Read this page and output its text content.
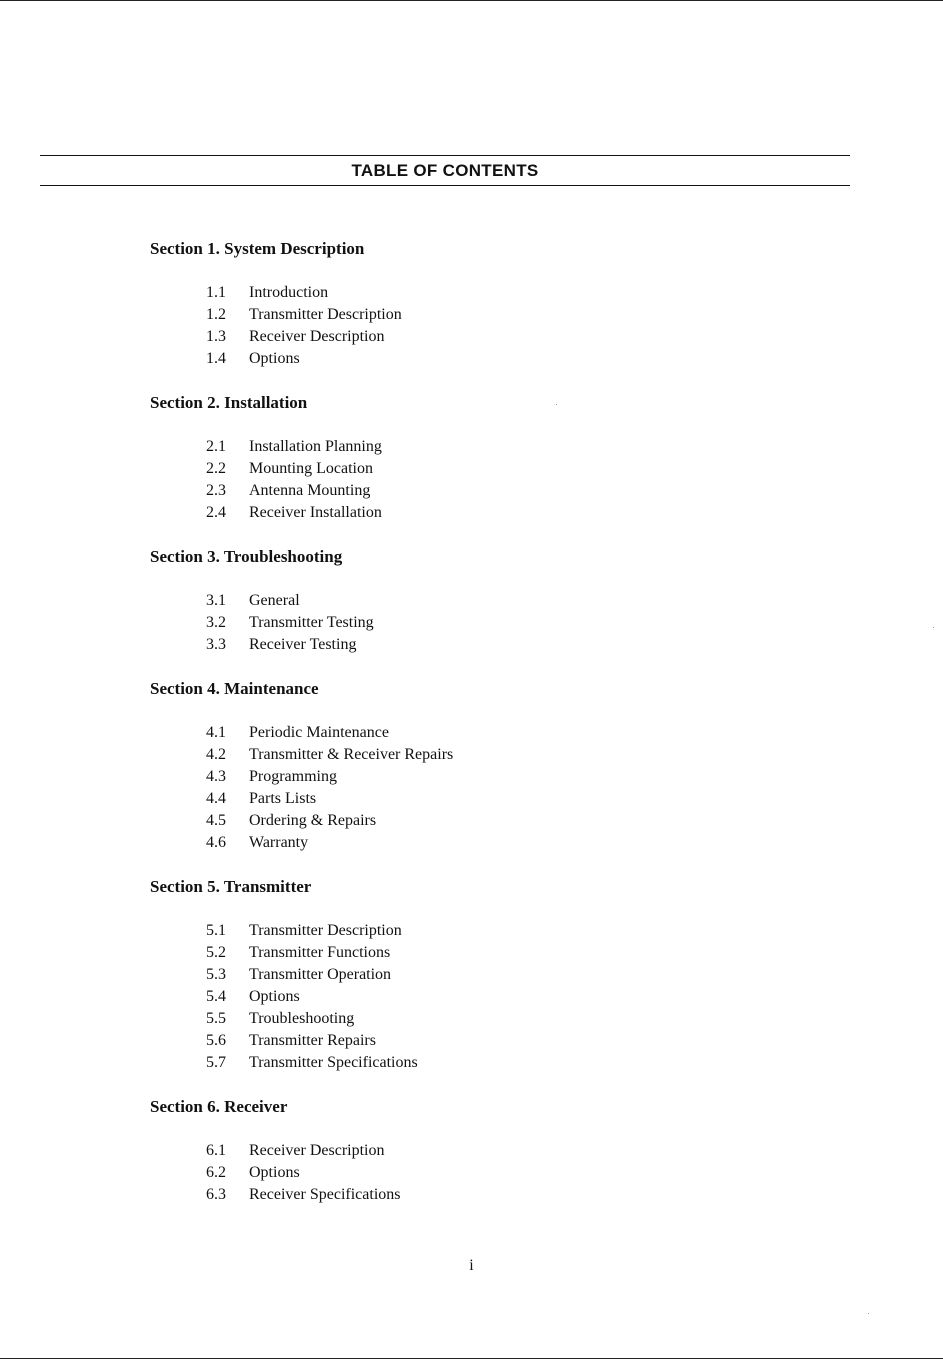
TABLE OF CONTENTS
Section 1. System Description
1.1 Introduction
1.2 Transmitter Description
1.3 Receiver Description
1.4 Options
Section 2. Installation
2.1 Installation Planning
2.2 Mounting Location
2.3 Antenna Mounting
2.4 Receiver Installation
Section 3. Troubleshooting
3.1 General
3.2 Transmitter Testing
3.3 Receiver Testing
Section 4. Maintenance
4.1 Periodic Maintenance
4.2 Transmitter & Receiver Repairs
4.3 Programming
4.4 Parts Lists
4.5 Ordering & Repairs
4.6 Warranty
Section 5. Transmitter
5.1 Transmitter Description
5.2 Transmitter Functions
5.3 Transmitter Operation
5.4 Options
5.5 Troubleshooting
5.6 Transmitter Repairs
5.7 Transmitter Specifications
Section 6. Receiver
6.1 Receiver Description
6.2 Options
6.3 Receiver Specifications
i
